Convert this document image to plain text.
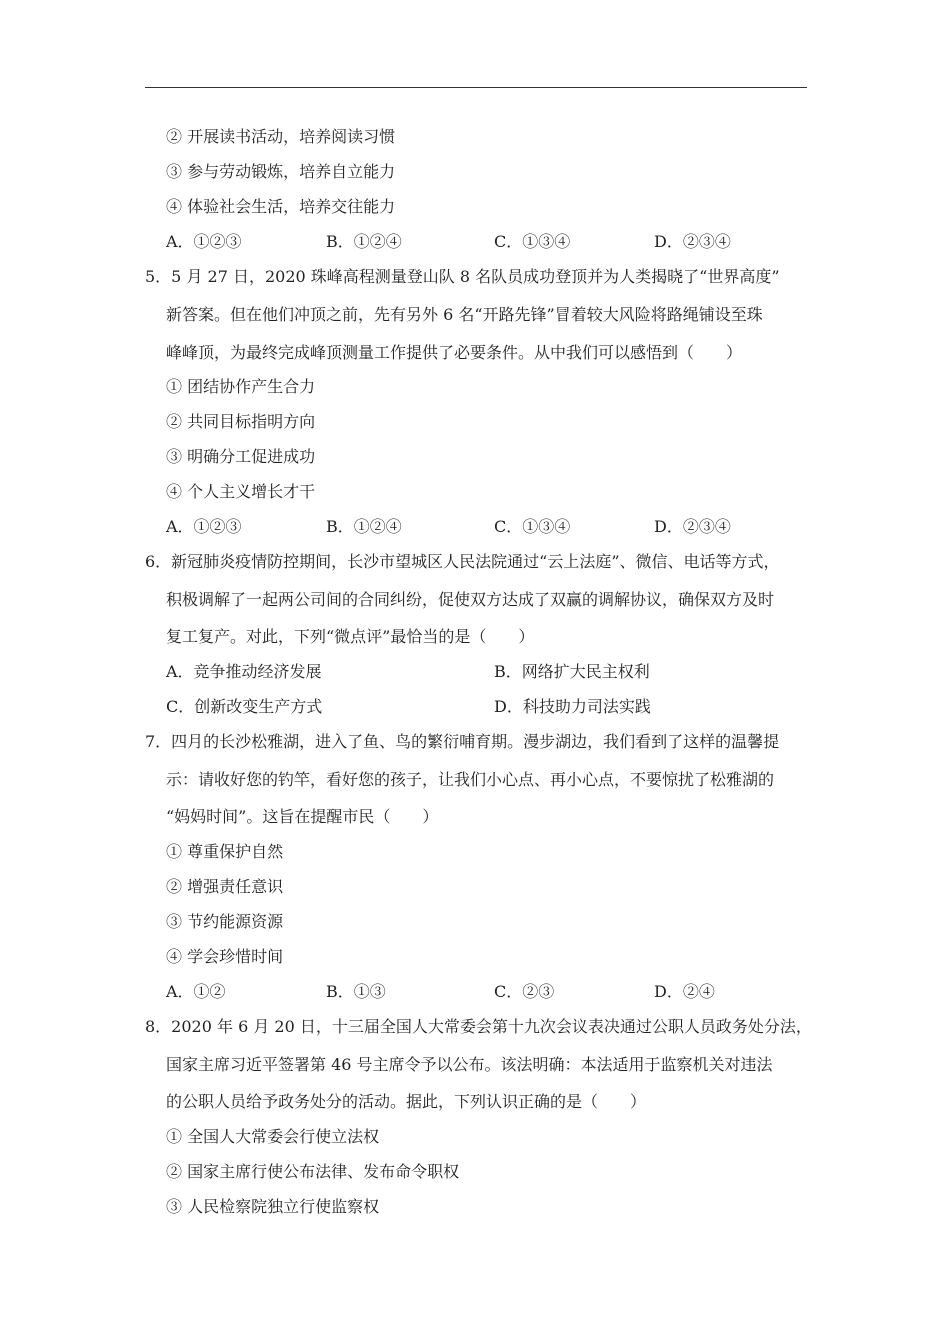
② 开展读书活动，培养阅读习惯
③ 参与劳动锻炼，培养自立能力
④ 体验社会生活，培养交往能力
A．①②③	B．①②④	C．①③④	D．②③④
5．5 月 27 日，2020 珠峰高程测量登山队 8 名队员成功登顶并为人类揭晓了“世界高度”
新答案。但在他们冲顶之前，先有另外 6 名“开路先锋”冒着较大风险将路绳铺设至珠
峰峰顶，为最终完成峰顶测量工作提供了必要条件。从中我们可以感悟到（　　）
① 团结协作产生合力
② 共同目标指明方向
③ 明确分工促进成功
④ 个人主义增长才干
A．①②③	B．①②④	C．①③④	D．②③④
6．新冠肺炎疫情防控期间，长沙市望城区人民法院通过“云上法庭”、微信、电话等方式，
积极调解了一起两公司间的合同纠纷，促使双方达成了双赢的调解协议，确保双方及时
复工复产。对此，下列“微点评”最恰当的是（　　）
A．竞争推动经济发展	B．网络扩大民主权利
C．创新改变生产方式	D．科技助力司法实践
7．四月的长沙松雅湖，进入了鱼、鸟的繁衍哺育期。漫步湖边，我们看到了这样的温馨提
示：请收好您的钓竿，看好您的孩子，让我们小心点、再小心点，不要惊扰了松雅湖的
“妈妈时间”。这旨在提醒市民（　　）
① 尊重保护自然
② 增强责任意识
③ 节约能源资源
④ 学会珍惜时间
A．①②	B．①③	C．②③	D．②④
8．2020 年 6 月 20 日，十三届全国人大常委会第十九次会议表决通过公职人员政务处分法，
国家主席习近平签署第 46 号主席令予以公布。该法明确：本法适用于监察机关对违法
的公职人员给予政务处分的活动。据此，下列认识正确的是（　　）
① 全国人大常委会行使立法权
② 国家主席行使公布法律、发布命令职权
③ 人民检察院独立行使监察权
